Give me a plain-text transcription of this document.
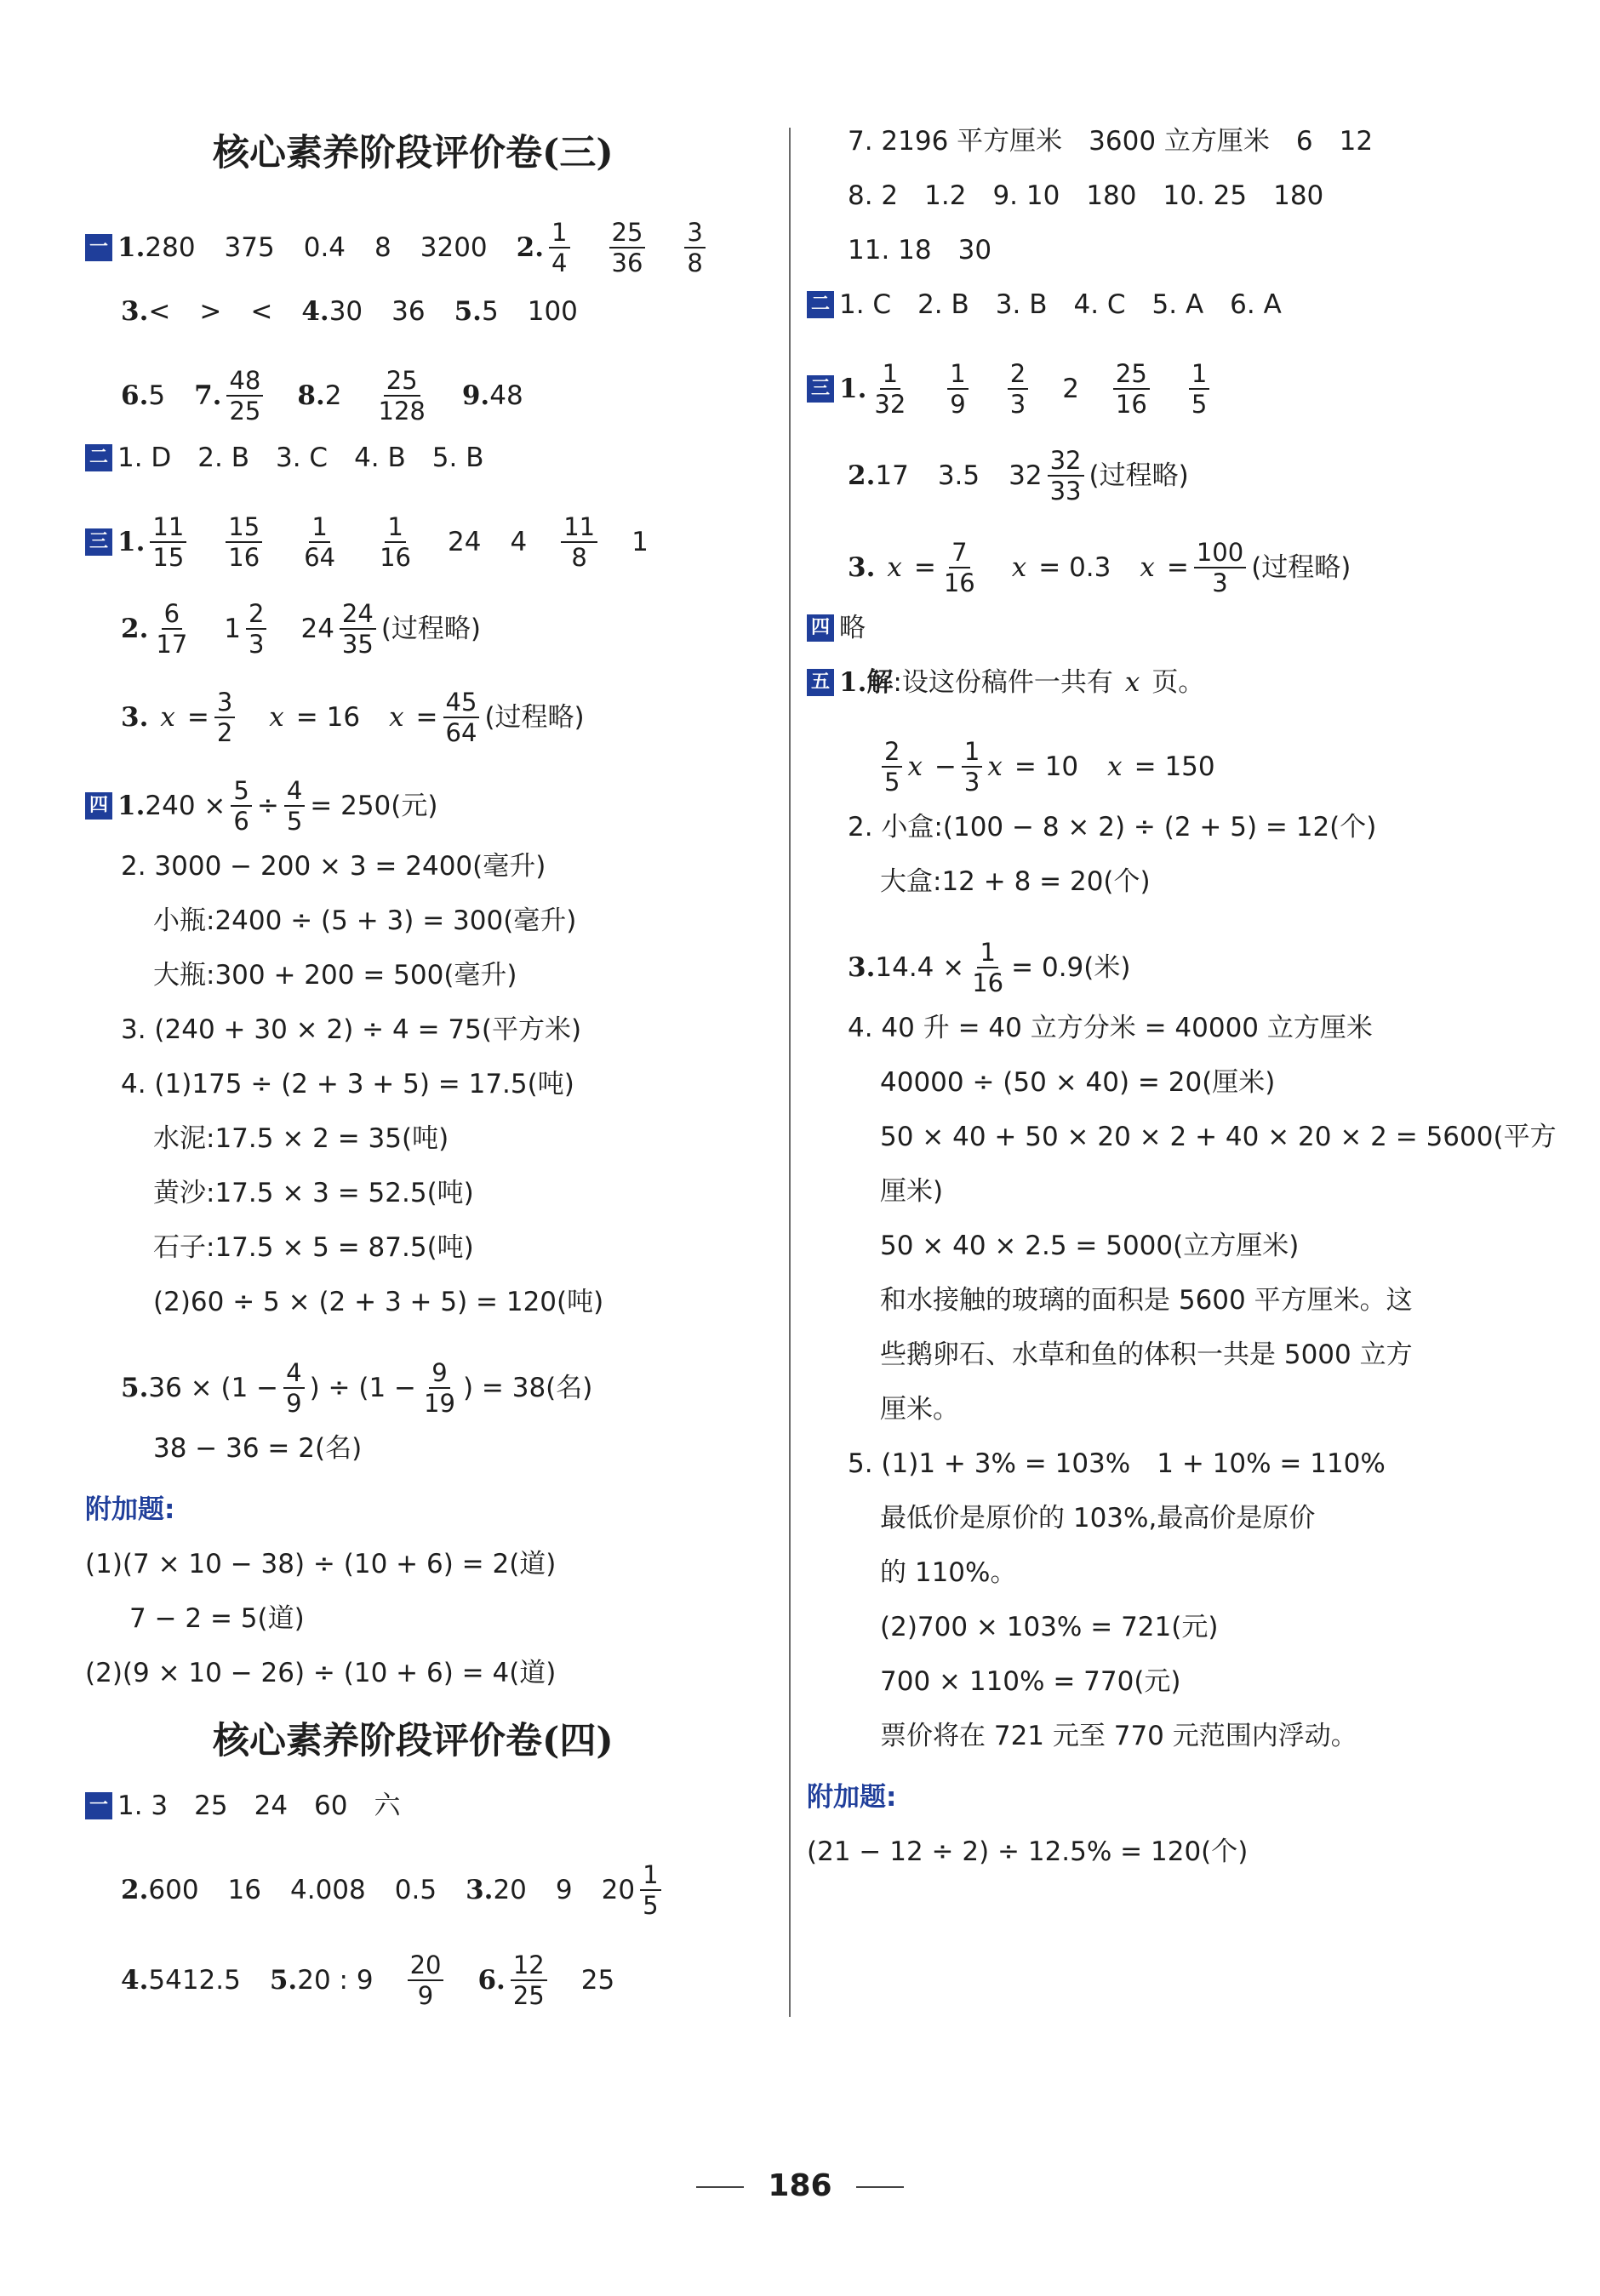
核心素养阶段评价卷(三)
一 1. 280 375 0.4 8 3200 2. $\frac{1}{4} \frac{25}{36} \frac{3}{8}$
3. < > < 4. 30 36 5. 5 100
6. 5 7. $\frac{48}{25} 8$. $2 \frac{25}{128} 9$. 48
二 1. D　2. B　3. C　4. B　5. B
三 1. $\frac{11}{15} \frac{15}{16} \frac{1}{64} \frac{1}{16} 24$ $4 \frac{11}{8} 1$
2. $\frac{6}{17} 1 \frac{2}{3} 24 \frac{24}{35}$ (过程略)
3. $x = \frac{3}{2}$ x = 16 $x = \frac{45}{64}$ (过程略)
四 1. $240 \times \frac{5}{6} \div \frac{4}{5} = 250$(元)
2. 3000 − 200 × 3 = 2400(毫升)
小瓶:2400 ÷ (5 + 3) = 300(毫升)
大瓶:300 + 200 = 500(毫升)
3. (240 + 30 × 2) ÷ 4 = 75(平方米)
4. (1)175 ÷ (2 + 3 + 5) = 17.5(吨)
水泥:17.5 × 2 = 35(吨)
黄沙:17.5 × 3 = 52.5(吨)
石子:17.5 × 5 = 87.5(吨)
(2)60 ÷ 5 × (2 + 3 + 5) = 120(吨)
5. $36 \times (1 - \frac{4}{9}$ ) ÷ ($1 - \frac{9}{19}$ ) = 38(名)
38 − 36 = 2(名)
附加题:
(1)(7 × 10 − 38) ÷ (10 + 6) = 2(道)
7 − 2 = 5(道)
(2)(9 × 10 − 26) ÷ (10 + 6) = 4(道)
核心素养阶段评价卷(四)
一 1. 3　25　24　60　六
2. 600 16 4.008 0.5 3. 20 9 $20 \frac{1}{5}$
4. 5412.5 5. 20 : $9 \frac{20}{9} 6$. $\frac{12}{25} 25$
7. 2196 平方厘米　3600 立方厘米　6　12
8. 2　1.2　9. 10　180　10. 25　180
11. 18　30
二 1. C　2. B　3. B　4. C　5. A　6. A
三 1. $\frac{1}{32} \frac{1}{9} \frac{2}{3} 2 \frac{25}{16} \frac{1}{5}$
2. 17 3.5 $32 \frac{32}{33}$ (过程略)
3. $x = \frac{7}{16}$ x = 0.3 $x = \frac{100}{3}$ (过程略)
四 略
五 1. 解 :设这份稿件一共有 x 页。
$\frac{2}{5}$ $x - \frac{1}{3}$ x = 10 x = 150
2. 小盒:(100 − 8 × 2) ÷ (2 + 5) = 12(个)
大盒:12 + 8 = 20(个)
3. $14.4 \times \frac{1}{16} = 0.9$(米)
4. 40 升 = 40 立方分米 = 40000 立方厘米
40000 ÷ (50 × 40) = 20(厘米)
50 × 40 + 50 × 20 × 2 + 40 × 20 × 2 = 5600(平方
厘米)
50 × 40 × 2.5 = 5000(立方厘米)
和水接触的玻璃的面积是 5600 平方厘米。这
些鹅卵石、水草和鱼的体积一共是 5000 立方
厘米。
5. (1)1 + 3% = 103%　1 + 10% = 110%
最低价是原价的 103%,最高价是原价
的 110%。
(2)700 × 103% = 721(元)
700 × 110% = 770(元)
票价将在 721 元至 770 元范围内浮动。
附加题:
(21 − 12 ÷ 2) ÷ 12.5% = 120(个)
186
